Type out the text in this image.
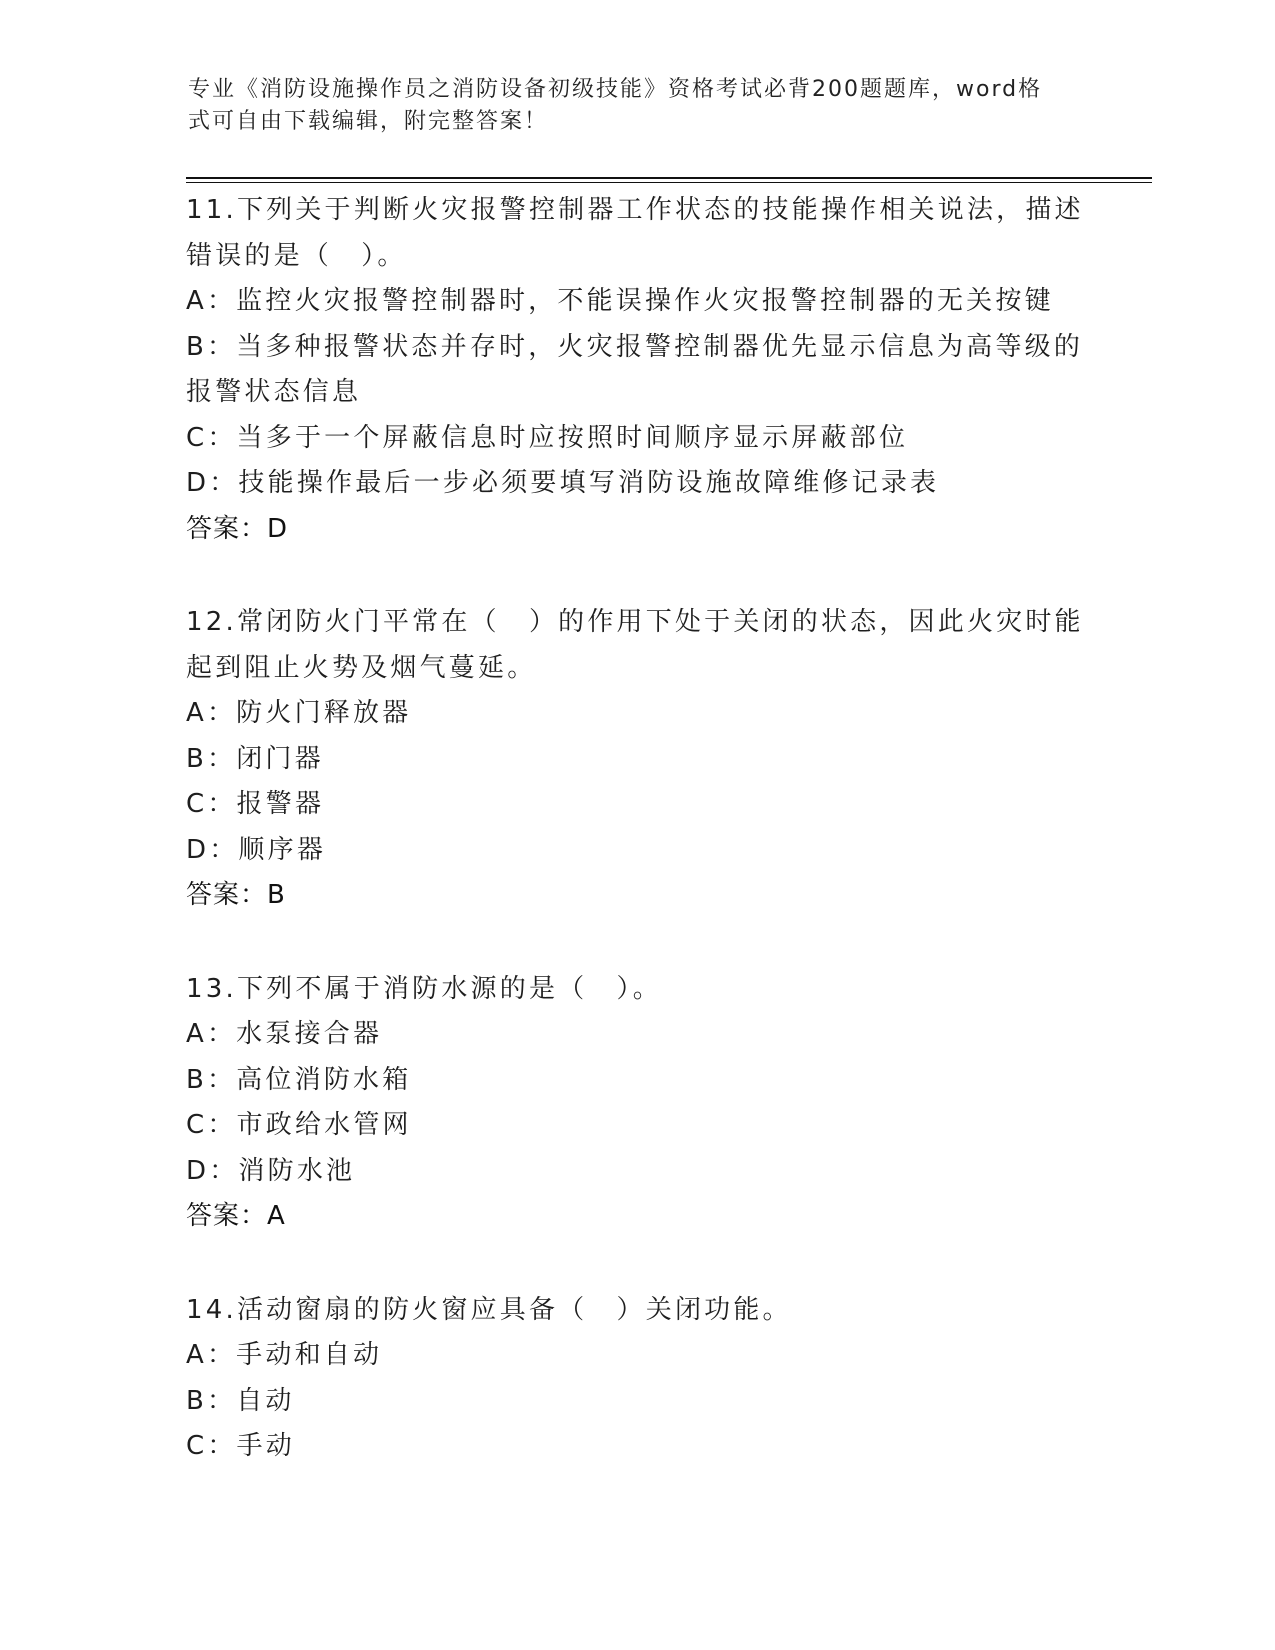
专业《消防设施操作员之消防设备初级技能》资格考试必背200题题库，word格
式可自由下载编辑，附完整答案！
11.下列关于判断火灾报警控制器工作状态的技能操作相关说法，描述
错误的是（　）。
A：监控火灾报警控制器时，不能误操作火灾报警控制器的无关按键
B：当多种报警状态并存时，火灾报警控制器优先显示信息为高等级的
报警状态信息
C：当多于一个屏蔽信息时应按照时间顺序显示屏蔽部位
D：技能操作最后一步必须要填写消防设施故障维修记录表
答案：D
12.常闭防火门平常在（　）的作用下处于关闭的状态，因此火灾时能
起到阻止火势及烟气蔓延。
A：防火门释放器
B：闭门器
C：报警器
D：顺序器
答案：B
13.下列不属于消防水源的是（　）。
A：水泵接合器
B：高位消防水箱
C：市政给水管网
D：消防水池
答案：A
14.活动窗扇的防火窗应具备（　）关闭功能。
A：手动和自动
B：自动
C：手动
